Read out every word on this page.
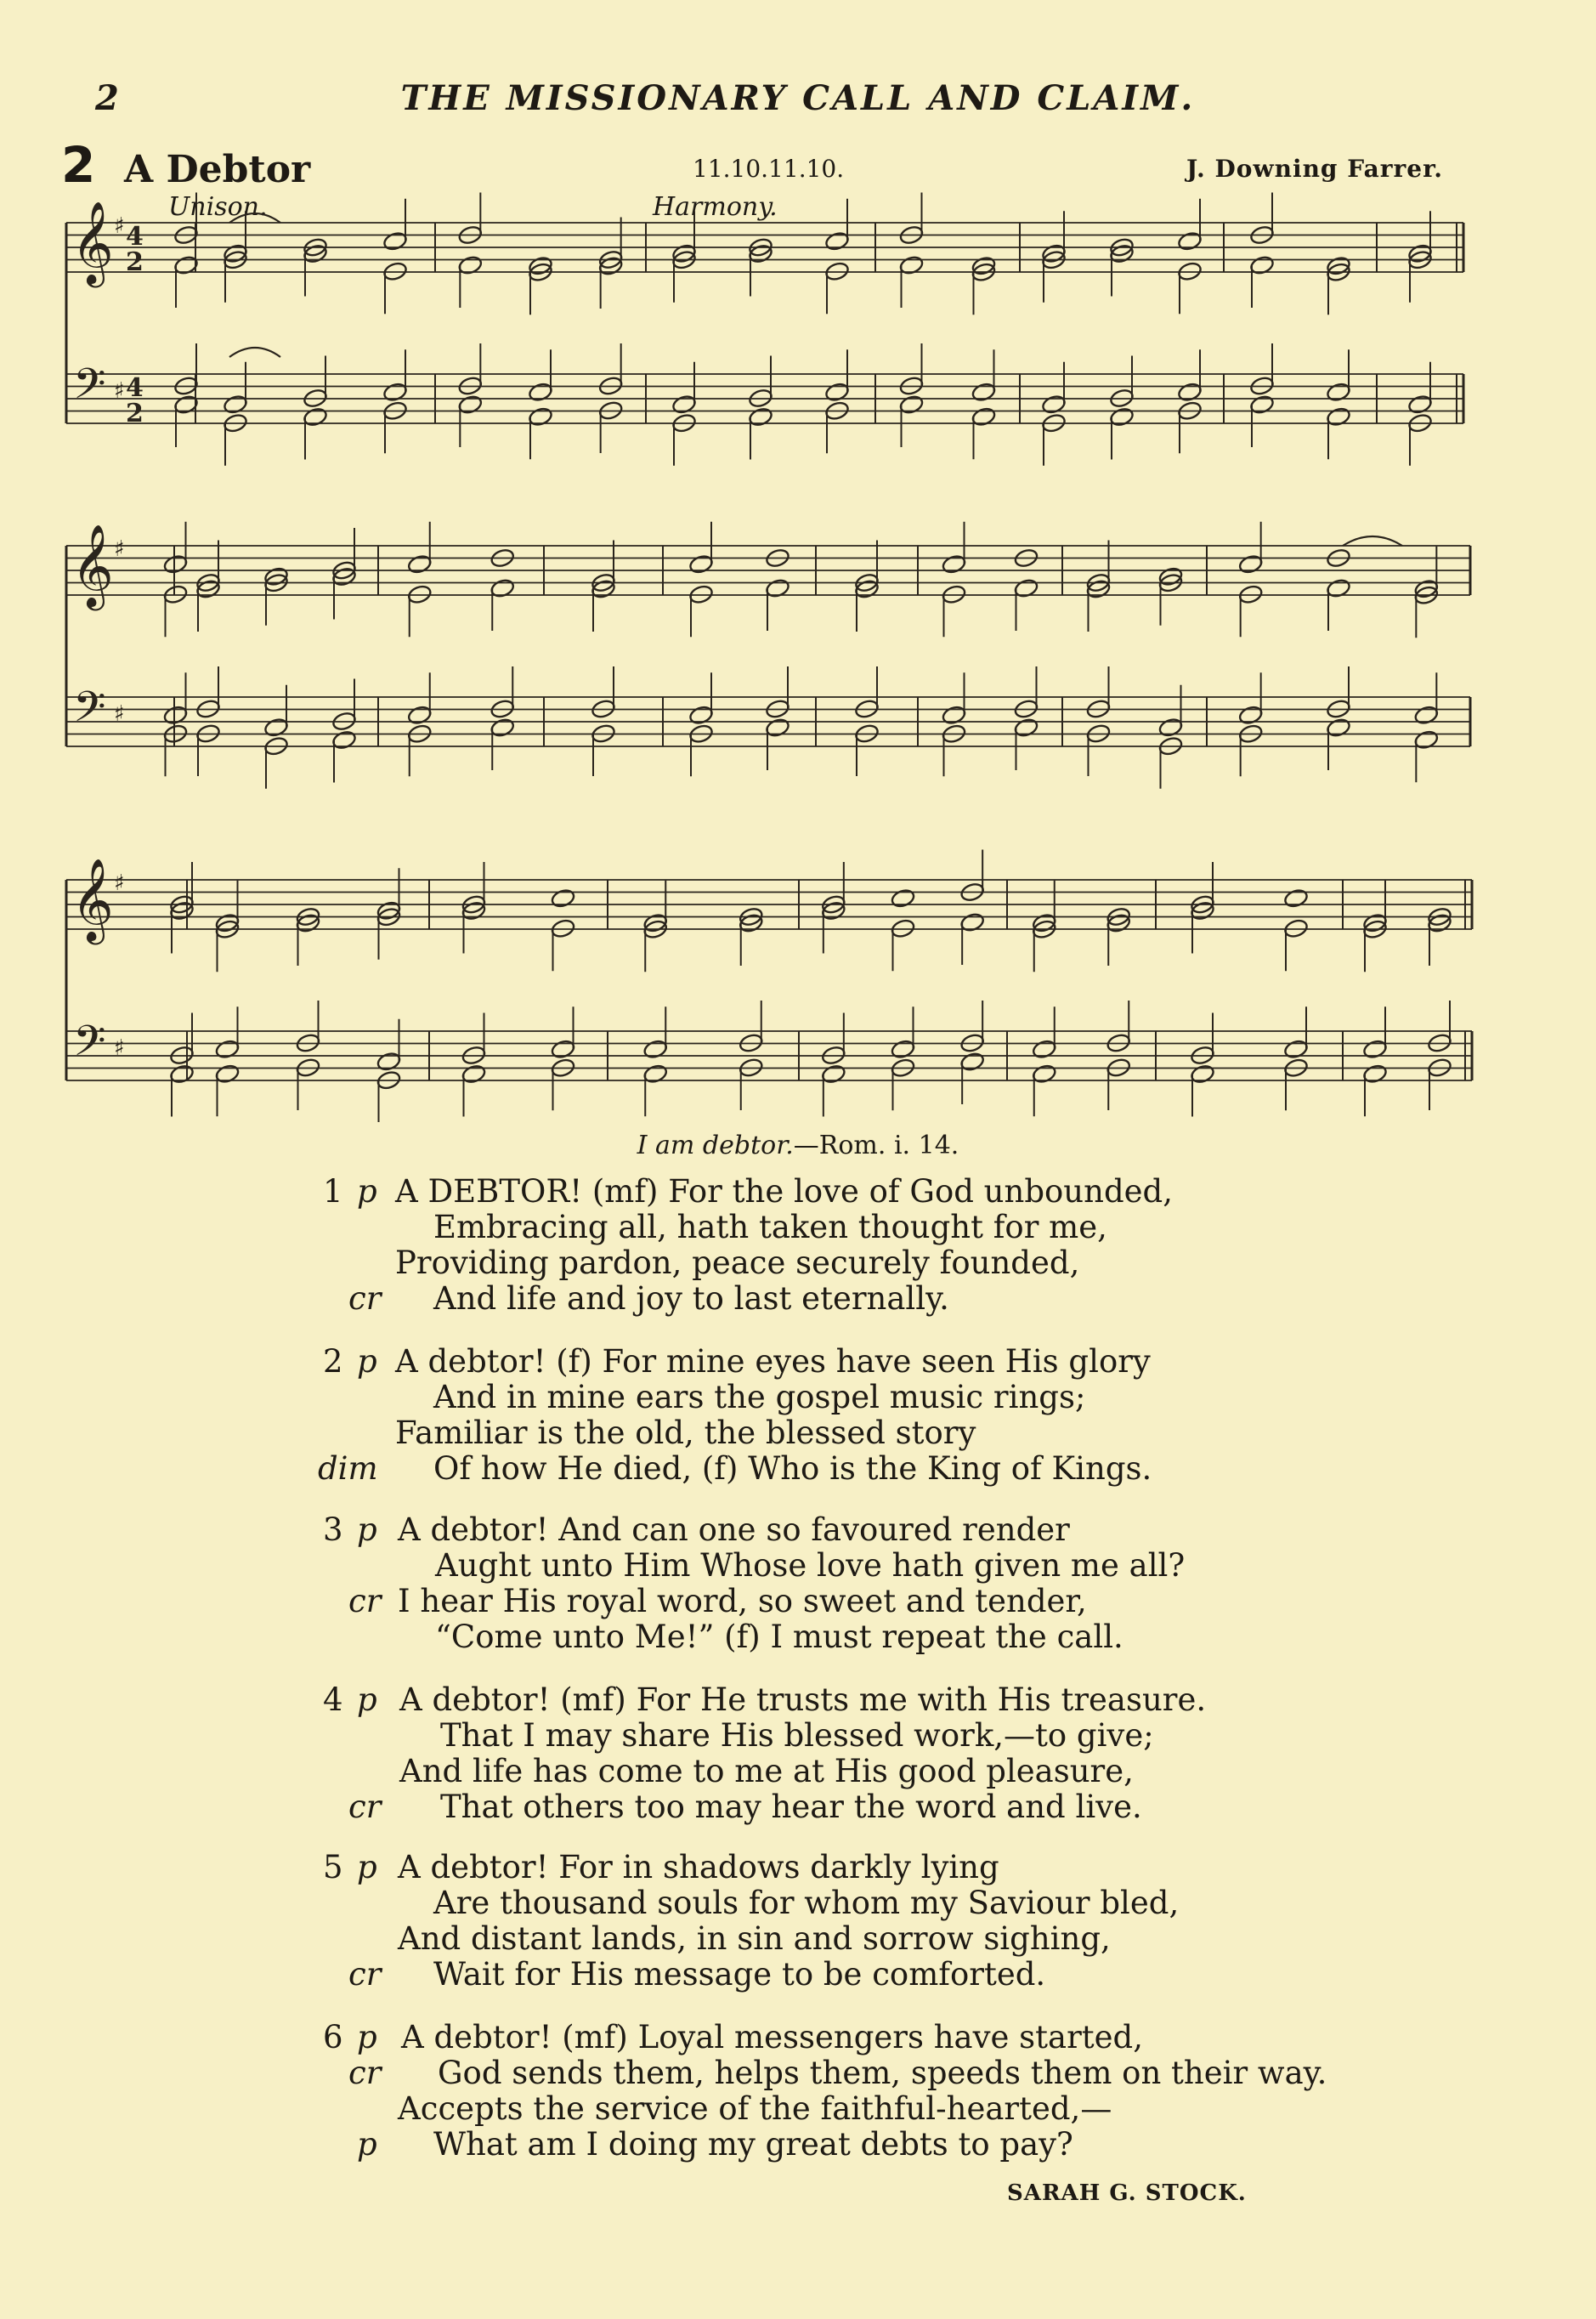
2	THE MISSIONARY CALL AND CLAIM.
2 A Debtor	11.10.11.10.	J. Downing Farrer.
Unison.	Harmony.
𝄞
𝄢
♯
♯
4
2
4
2
𝄞
𝄢
♯
♯
𝄞
𝄢
♯
♯
I am debtor.—Rom. i. 14.
1 p A DEBTOR! (mf) For the love of God unbounded,
Embracing all, hath taken thought for me,
Providing pardon, peace securely founded,
cr And life and joy to last eternally.
2 p A debtor! (f) For mine eyes have seen His glory
And in mine ears the gospel music rings;
Familiar is the old, the blessed story
dim Of how He died, (f) Who is the King of Kings.
3 p A debtor! And can one so favoured render
Aught unto Him Whose love hath given me all?
cr I hear His royal word, so sweet and tender,
“Come unto Me!” (f) I must repeat the call.
4 p A debtor! (mf) For He trusts me with His treasure.
That I may share His blessed work,—to give;
And life has come to me at His good pleasure,
cr That others too may hear the word and live.
5 p A debtor! For in shadows darkly lying
Are thousand souls for whom my Saviour bled,
And distant lands, in sin and sorrow sighing,
cr Wait for His message to be comforted.
6 p A debtor! (mf) Loyal messengers have started,
cr God sends them, helps them, speeds them on their way.
Accepts the service of the faithful-hearted,—
p What am I doing my great debts to pay?
SARAH G. STOCK.
